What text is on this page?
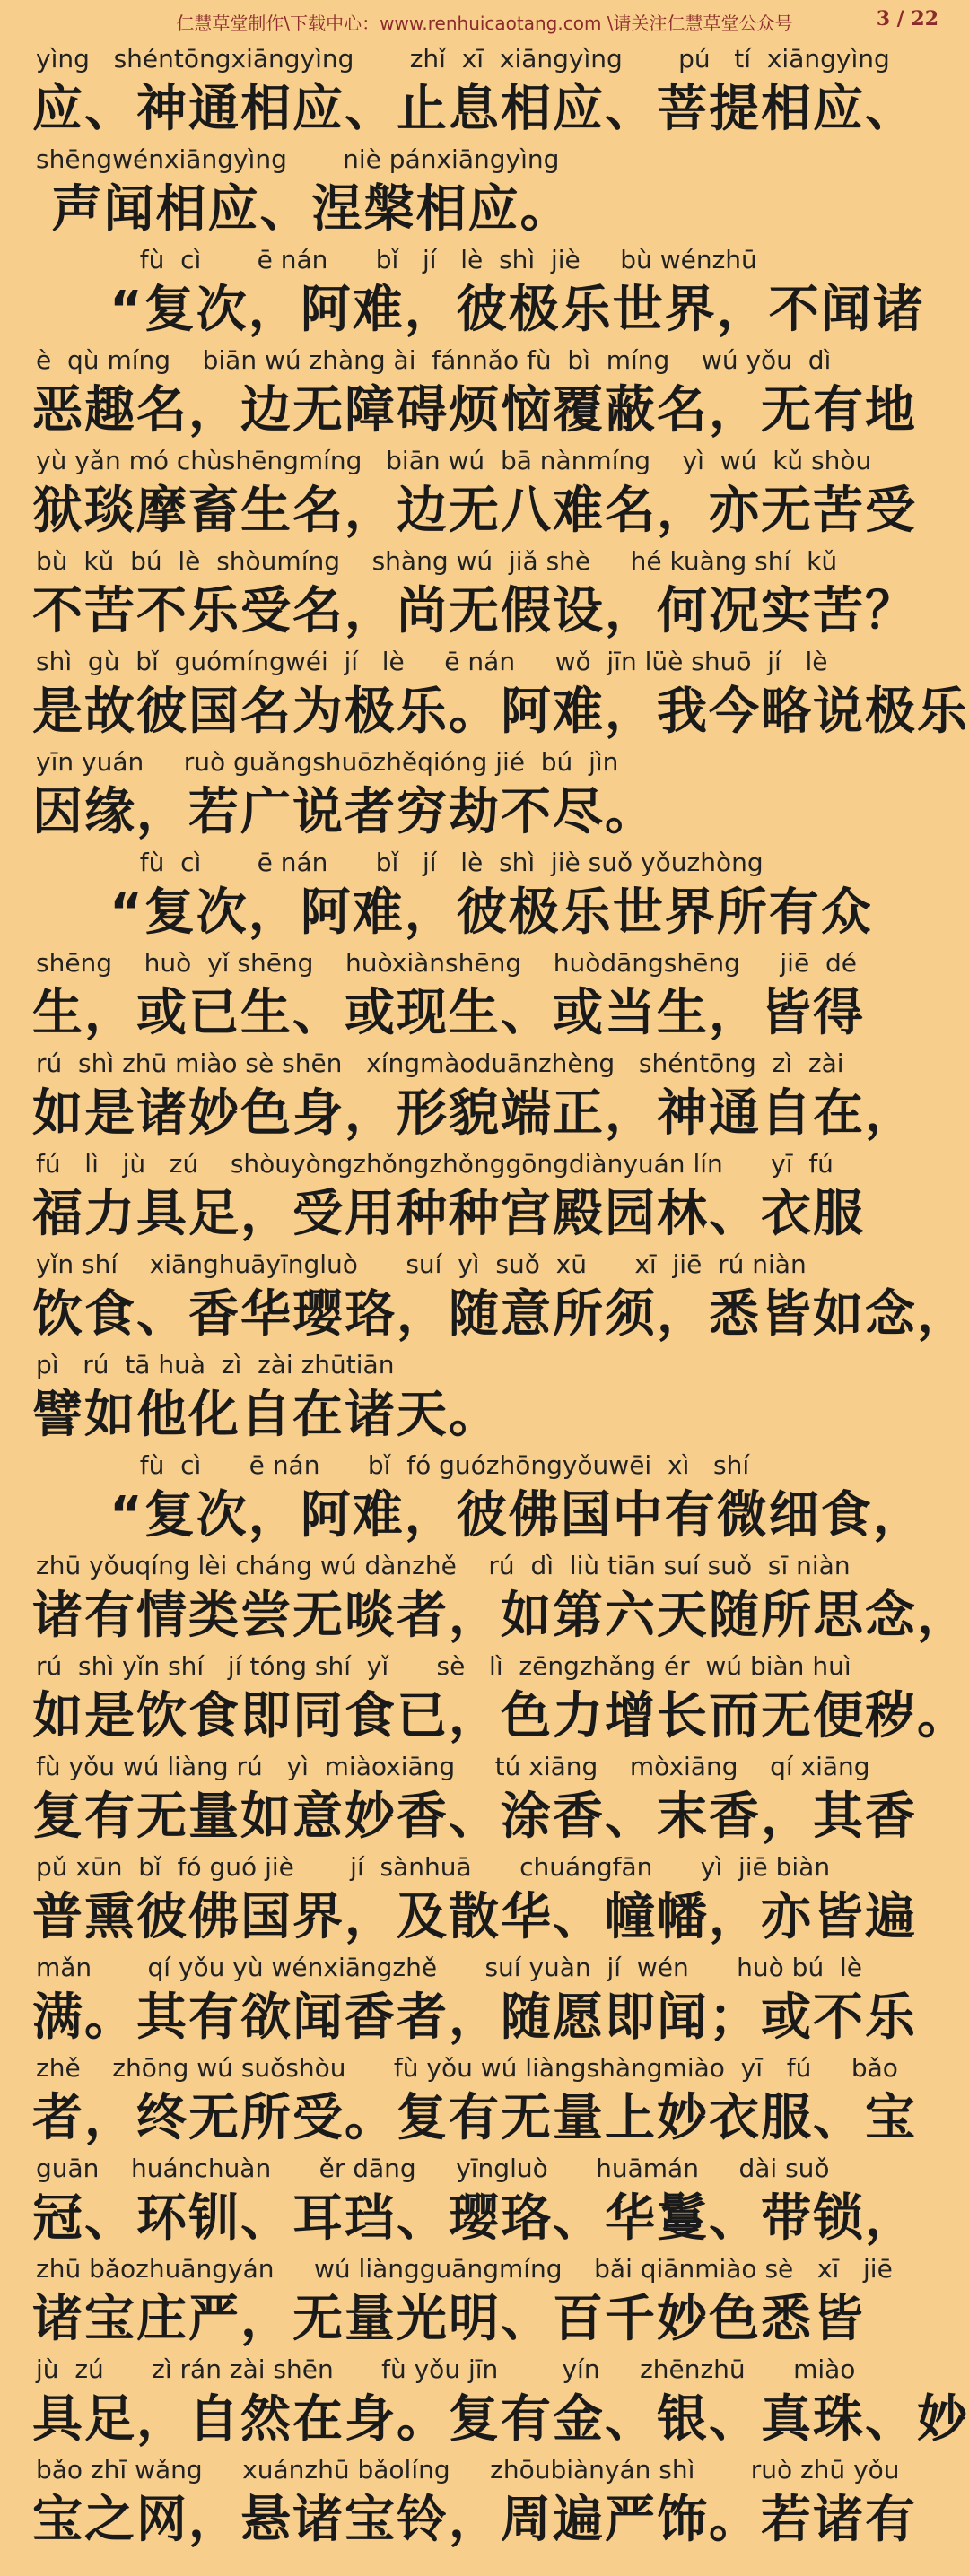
仁慧草堂制作\下载中心：www.renhuicaotang.com \请关注仁慧草堂公众号	3 / 22
yìng   shéntōngxiāngyìng       zhǐ  xī  xiāngyìng       pú   tí  xiāngyìng
应、神通相应、止息相应、菩提相应、
shēngwénxiāngyìng       niè pánxiāngyìng
声闻相应、涅槃相应。
fù  cì       ē nán      bǐ   jí   lè  shì  jiè     bù wénzhū
“复次，阿难，彼极乐世界，不闻诸
è  qù míng    biān wú zhàng ài  fánnǎo fù  bì  míng    wú yǒu  dì
恶趣名，边无障碍烦恼覆蔽名，无有地
yù yǎn mó chùshēngmíng   biān wú  bā nànmíng    yì  wú  kǔ shòu
狱琰摩畜生名，边无八难名，亦无苦受
bù  kǔ  bú  lè  shòumíng    shàng wú  jiǎ shè     hé kuàng shí  kǔ
不苦不乐受名，尚无假设，何况实苦？
shì  gù  bǐ  guómíngwéi  jí   lè     ē nán     wǒ  jīn lüè shuō  jí   lè
是故彼国名为极乐。阿难，我今略说极乐
yīn yuán     ruò guǎngshuōzhěqióng jié  bú  jìn
因缘，若广说者穷劫不尽。
fù  cì       ē nán      bǐ   jí   lè  shì  jiè suǒ yǒuzhòng
“复次，阿难，彼极乐世界所有众
shēng    huò  yǐ shēng    huòxiànshēng    huòdāngshēng     jiē  dé
生，或已生、或现生、或当生，皆得
rú  shì zhū miào sè shēn   xíngmàoduānzhèng   shéntōng  zì  zài
如是诸妙色身，形貌端正，神通自在，
fú   lì   jù   zú    shòuyòngzhǒngzhǒnggōngdiànyuán lín      yī  fú
福力具足，受用种种宫殿园林、衣服
yǐn shí    xiānghuāyīngluò      suí  yì  suǒ  xū      xī  jiē  rú niàn
饮食、香华璎珞，随意所须，悉皆如念，
pì   rú  tā huà  zì  zài zhūtiān
譬如他化自在诸天。
fù  cì      ē nán      bǐ  fó guózhōngyǒuwēi  xì   shí
“复次，阿难，彼佛国中有微细食，
zhū yǒuqíng lèi cháng wú dànzhě    rú  dì  liù tiān suí suǒ  sī niàn
诸有情类尝无啖者，如第六天随所思念，
rú  shì yǐn shí   jí tóng shí  yǐ      sè   lì  zēngzhǎng ér  wú biàn huì
如是饮食即同食已，色力增长而无便秽。
fù yǒu wú liàng rú   yì  miàoxiāng     tú xiāng    mòxiāng    qí xiāng
复有无量如意妙香、涂香、末香，其香
pǔ xūn  bǐ  fó guó jiè       jí  sànhuā      chuángfān      yì  jiē biàn
普熏彼佛国界，及散华、幢幡，亦皆遍
mǎn       qí yǒu yù wénxiāngzhě      suí yuàn  jí  wén      huò bú  lè
满。其有欲闻香者，随愿即闻；或不乐
zhě    zhōng wú suǒshòu      fù yǒu wú liàngshàngmiào  yī   fú     bǎo
者，终无所受。复有无量上妙衣服、宝
guān    huánchuàn      ěr dāng     yīngluò      huāmán     dài suǒ
冠、环钏、耳珰、璎珞、华鬘、带锁，
zhū bǎozhuāngyán     wú liàngguāngmíng    bǎi qiānmiào sè   xī   jiē
诸宝庄严，无量光明、百千妙色悉皆
jù  zú      zì rán zài shēn      fù yǒu jīn        yín     zhēnzhū      miào
具足，自然在身。复有金、银、真珠、妙
bǎo zhī wǎng     xuánzhū bǎolíng     zhōubiànyán shì       ruò zhū yǒu
宝之网，悬诸宝铃，周遍严饰。若诸有
